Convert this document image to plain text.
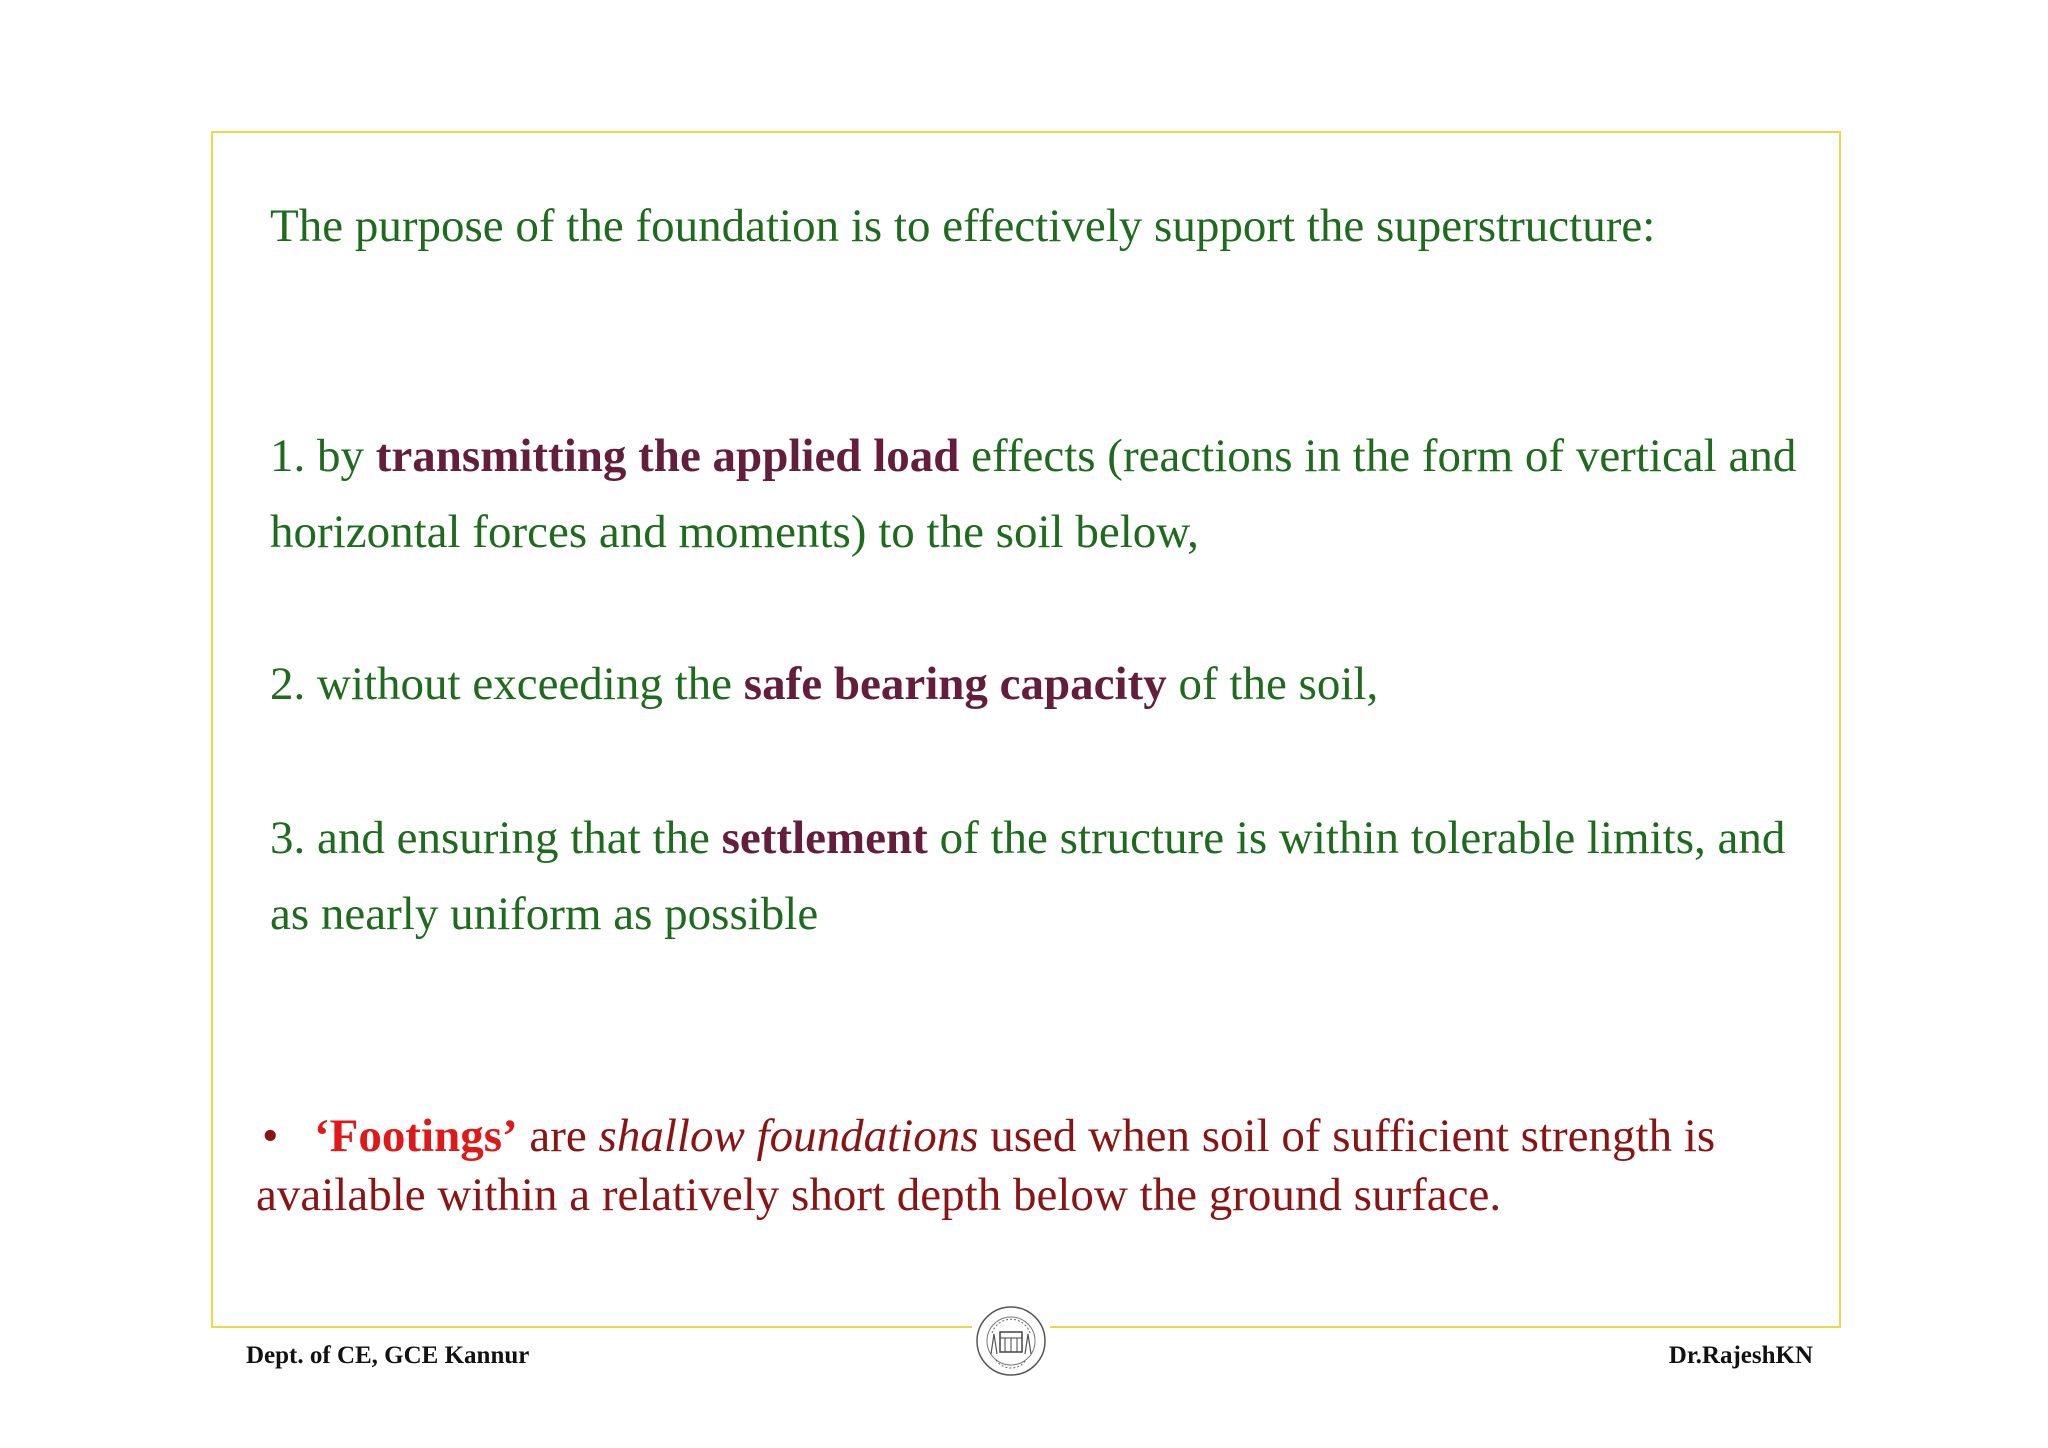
The purpose of the foundation is to effectively support the superstructure:
1. by transmitting the applied load effects (reactions in the form of vertical and horizontal forces and moments) to the soil below,
2. without exceeding the safe bearing capacity of the soil,
3. and ensuring that the settlement of the structure is within tolerable limits, and as nearly uniform as possible
• ‘Footings’ are shallow foundations used when soil of sufficient strength is available within a relatively short depth below the ground surface.
Dept. of CE, GCE Kannur	Dr.RajeshKN
